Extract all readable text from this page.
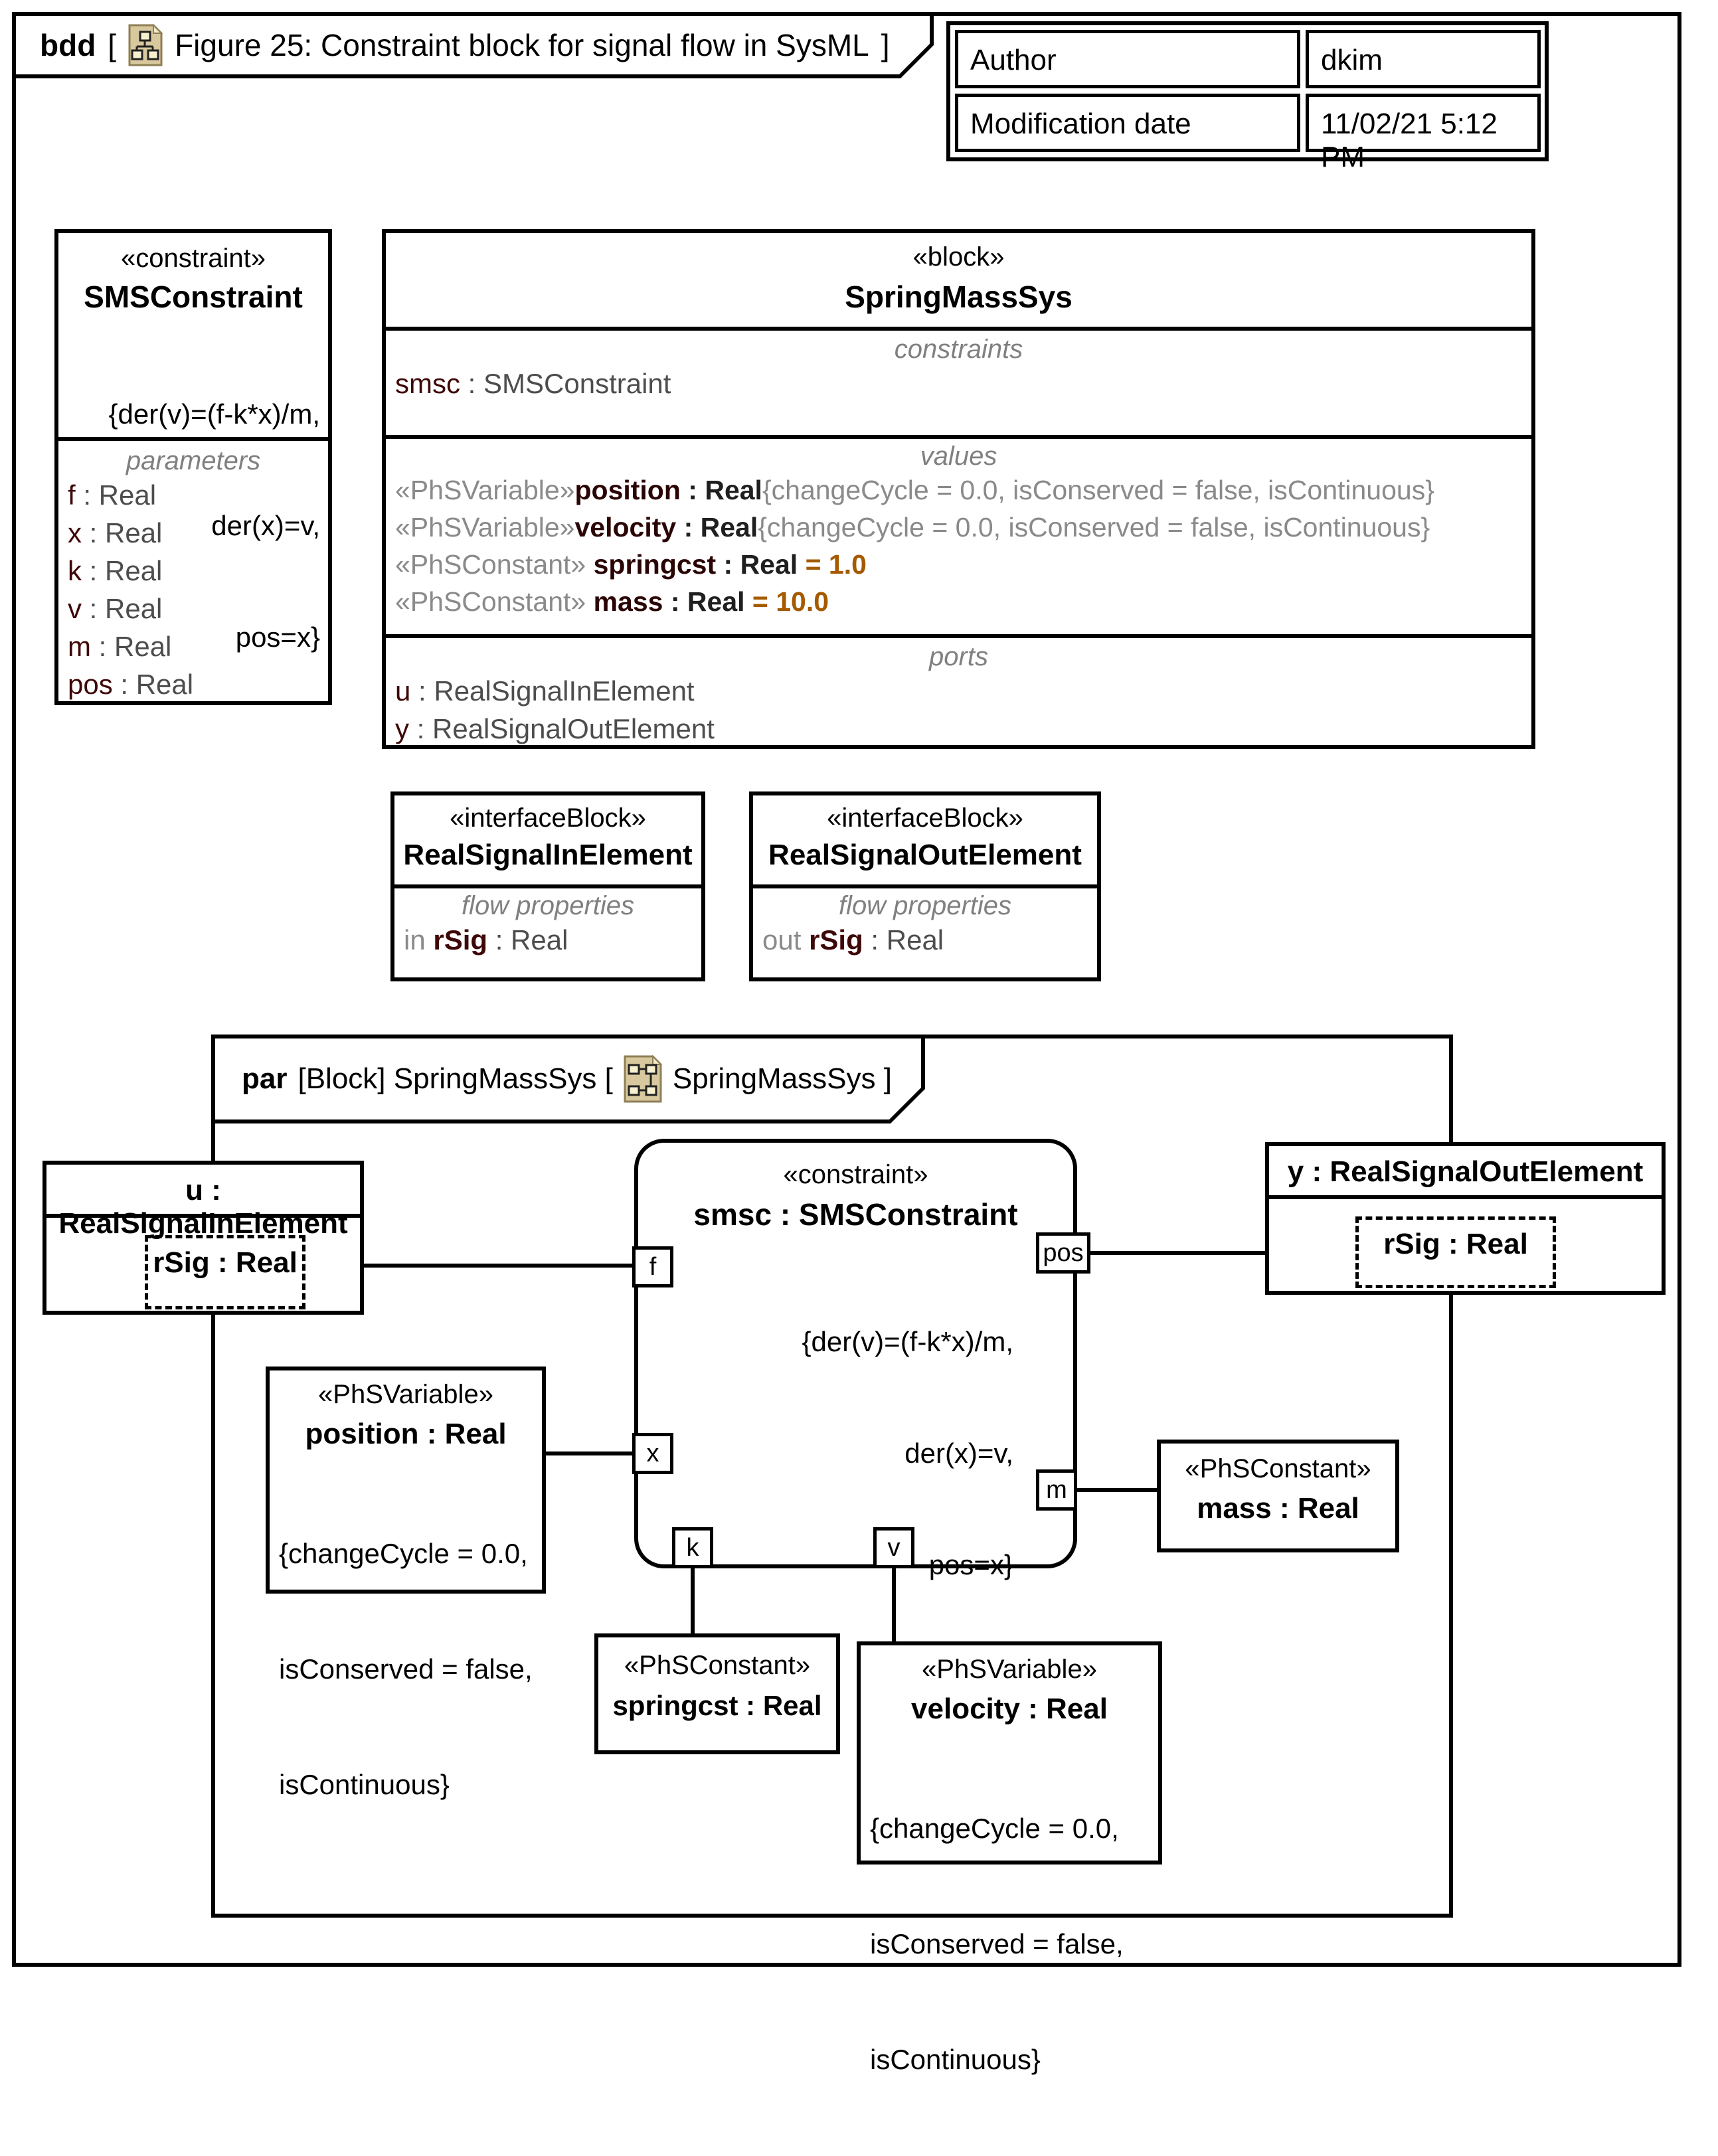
bdd [ Figure 25: Constraint block for signal flow in SysML ]	Author	dkim
Modification date	11/02/21 5:12 PM
«constraint»
SMSConstraint

{der(v)=(f-k*x)/m,

der(x)=v,

pos=x}

parameters
f : Real
x : Real
k : Real
v : Real
m : Real
pos : Real
«block»
SpringMassSys
constraints
smsc : SMSConstraint
values
«PhSVariable»position : Real{changeCycle = 0.0, isConserved = false, isContinuous}
«PhSVariable»velocity : Real{changeCycle = 0.0, isConserved = false, isContinuous}
«PhSConstant» springcst : Real = 1.0
«PhSConstant» mass : Real = 10.0
ports
u : RealSignalInElement
y : RealSignalOutElement
«interfaceBlock»
RealSignalInElement
flow properties
in rSig : Real
«interfaceBlock»
RealSignalOutElement
flow properties
out rSig : Real
par [Block] SpringMassSys [ SpringMassSys ]
u : RealSignalInElement
rSig : Real
y : RealSignalOutElement
rSig : Real
«constraint»
smsc : SMSConstraint

{der(v)=(f-k*x)/m,

der(x)=v,

pos=x}

f
x
k	v
pos
m
«PhSVariable»
position : Real

{changeCycle = 0.0,

isConserved = false,

isContinuous}

«PhSConstant»
springcst : Real
«PhSVariable»
velocity : Real

{changeCycle = 0.0,

isConserved = false,

isContinuous}

«PhSConstant»
mass : Real
